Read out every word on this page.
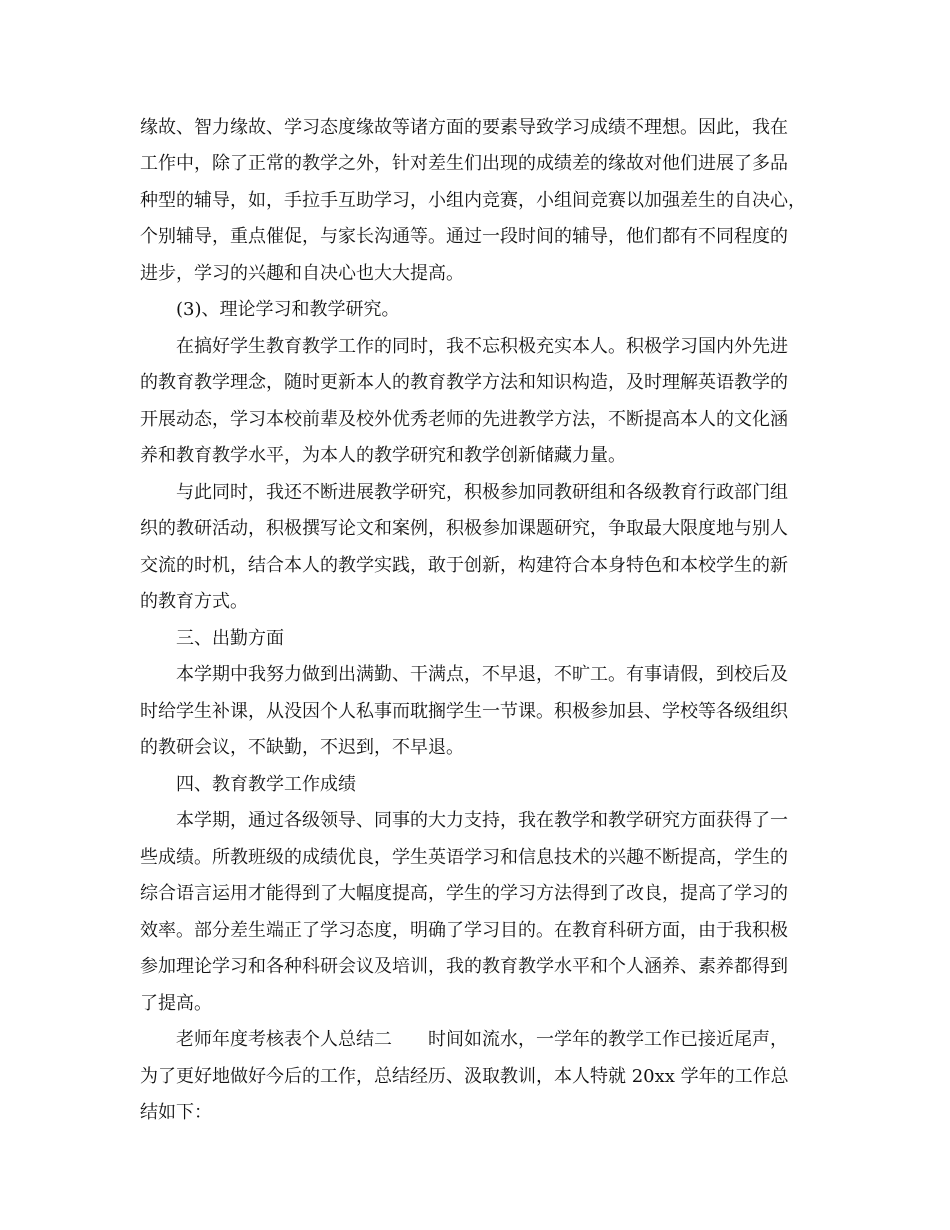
缘故、智力缘故、学习态度缘故等诸方面的要素导致学习成绩不理想。因此，我在
工作中，除了正常的教学之外，针对差生们出现的成绩差的缘故对他们进展了多品
种型的辅导，如，手拉手互助学习，小组内竞赛，小组间竞赛以加强差生的自决心，
个别辅导，重点催促，与家长沟通等。通过一段时间的辅导，他们都有不同程度的
进步，学习的兴趣和自决心也大大提高。
(3)、理论学习和教学研究。
在搞好学生教育教学工作的同时，我不忘积极充实本人。积极学习国内外先进
的教育教学理念，随时更新本人的教育教学方法和知识构造，及时理解英语教学的
开展动态，学习本校前辈及校外优秀老师的先进教学方法，不断提高本人的文化涵
养和教育教学水平，为本人的教学研究和教学创新储藏力量。
与此同时，我还不断进展教学研究，积极参加同教研组和各级教育行政部门组
织的教研活动，积极撰写论文和案例，积极参加课题研究，争取最大限度地与别人
交流的时机，结合本人的教学实践，敢于创新，构建符合本身特色和本校学生的新
的教育方式。
三、出勤方面
本学期中我努力做到出满勤、干满点，不早退，不旷工。有事请假，到校后及
时给学生补课，从没因个人私事而耽搁学生一节课。积极参加县、学校等各级组织
的教研会议，不缺勤，不迟到，不早退。
四、教育教学工作成绩
本学期，通过各级领导、同事的大力支持，我在教学和教学研究方面获得了一
些成绩。所教班级的成绩优良，学生英语学习和信息技术的兴趣不断提高，学生的
综合语言运用才能得到了大幅度提高，学生的学习方法得到了改良，提高了学习的
效率。部分差生端正了学习态度，明确了学习目的。在教育科研方面，由于我积极
参加理论学习和各种科研会议及培训，我的教育教学水平和个人涵养、素养都得到
了提高。
老师年度考核表个人总结二　　时间如流水，一学年的教学工作已接近尾声，
为了更好地做好今后的工作，总结经历、汲取教训，本人特就 20xx 学年的工作总
结如下：
